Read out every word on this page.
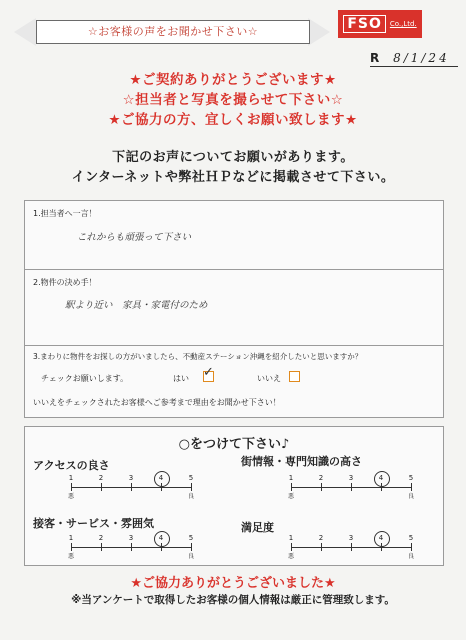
☆お客様の声をお聞かせ下さい☆	FSO	Co.,Ltd.
R 8/1/24
★ご契約ありがとうございます★
☆担当者と写真を撮らせて下さい☆
★ご協力の方、宜しくお願い致します★
下記のお声についてお願いがあります。
インターネットや弊社ＨＰなどに掲載させて下さい。
1.担当者へ一言！
これからも頑張って下さい
2.物件の決め手！
駅より近い　家具・家電付のため
3.まわりに物件をお探しの方がいましたら、不動産ステーション沖縄を紹介したいと思いますか？
チェックお願いします。	はい ✓	いいえ
いいえをチェックされたお客様へご参考まで理由をお聞かせ下さい！
○をつけて下さい♪
アクセスの良さ
1	2	3	4	5
悪	良
街情報・専門知識の高さ
1	2	3	4	5
悪	良
接客・サービス・雰囲気
1	2	3	4	5
悪	良
満足度
1	2	3	4	5
悪	良
★ご協力ありがとうございました★
※当アンケートで取得したお客様の個人情報は厳正に管理致します。
